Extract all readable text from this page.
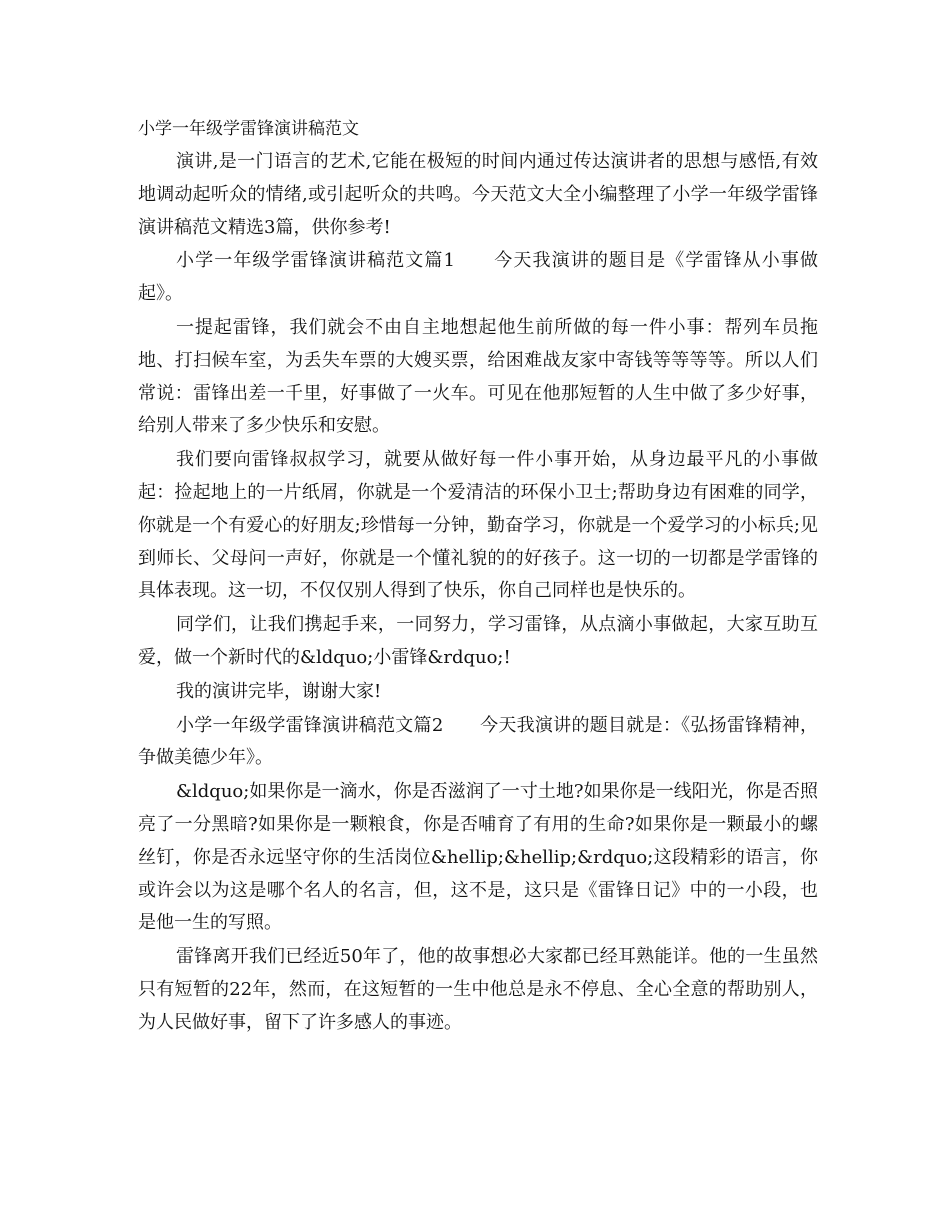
小学一年级学雷锋演讲稿范文

演讲,是一门语言的艺术,它能在极短的时间内通过传达演讲者的思想与感悟,有效地调动起听众的情绪,或引起听众的共鸣。今天范文大全小编整理了小学一年级学雷锋演讲稿范文精选3篇，供你参考!

小学一年级学雷锋演讲稿范文篇1　　今天我演讲的题目是《学雷锋从小事做起》。

一提起雷锋，我们就会不由自主地想起他生前所做的每一件小事：帮列车员拖地、打扫候车室，为丢失车票的大嫂买票，给困难战友家中寄钱等等等等。所以人们常说：雷锋出差一千里，好事做了一火车。可见在他那短暂的人生中做了多少好事，给别人带来了多少快乐和安慰。

我们要向雷锋叔叔学习，就要从做好每一件小事开始，从身边最平凡的小事做起：捡起地上的一片纸屑，你就是一个爱清洁的环保小卫士;帮助身边有困难的同学，你就是一个有爱心的好朋友;珍惜每一分钟，勤奋学习，你就是一个爱学习的小标兵;见到师长、父母问一声好，你就是一个懂礼貌的的好孩子。这一切的一切都是学雷锋的具体表现。这一切，不仅仅别人得到了快乐，你自己同样也是快乐的。

同学们，让我们携起手来，一同努力，学习雷锋，从点滴小事做起，大家互助互爱，做一个新时代的&ldquo;小雷锋&rdquo;!

我的演讲完毕，谢谢大家!

小学一年级学雷锋演讲稿范文篇2　　今天我演讲的题目就是：《弘扬雷锋精神，争做美德少年》。

&ldquo;如果你是一滴水，你是否滋润了一寸土地?如果你是一线阳光，你是否照亮了一分黑暗?如果你是一颗粮食，你是否哺育了有用的生命?如果你是一颗最小的螺丝钉，你是否永远坚守你的生活岗位&hellip;&hellip;&rdquo;这段精彩的语言，你或许会以为这是哪个名人的名言，但，这不是，这只是《雷锋日记》中的一小段，也是他一生的写照。

雷锋离开我们已经近50年了，他的故事想必大家都已经耳熟能详。他的一生虽然只有短暂的22年，然而，在这短暂的一生中他总是永不停息、全心全意的帮助别人，为人民做好事，留下了许多感人的事迹。
